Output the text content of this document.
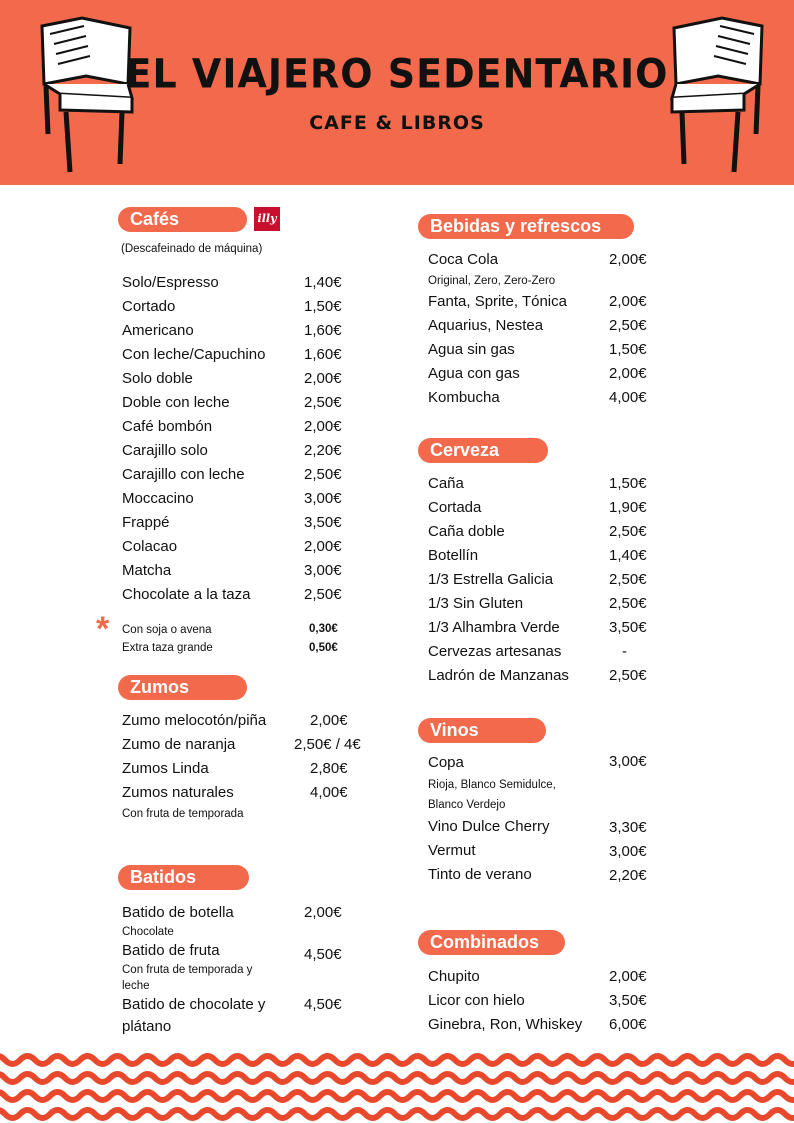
EL VIAJERO SEDENTARIO
CAFE & LIBROS
Cafés	illy
(Descafeinado de máquina)
Solo/Espresso	1,40€
Cortado	1,50€
Americano	1,60€
Con leche/Capuchino	1,60€
Solo doble	2,00€
Doble con leche	2,50€
Café bombón	2,00€
Carajillo solo	2,20€
Carajillo con leche	2,50€
Moccacino	3,00€
Frappé	3,50€
Colacao	2,00€
Matcha	3,00€
Chocolate a la taza	2,50€
* Con soja o avena	0,30€
Extra taza grande	0,50€
Zumos
Zumo melocotón/piña	2,00€
Zumo de naranja	2,50€ / 4€
Zumos Linda	2,80€
Zumos naturales	4,00€
Con fruta de temporada
Batidos
Batido de botella	2,00€
Chocolate
Batido de fruta	4,50€
Con fruta de temporada y
leche
Batido de chocolate y	4,50€
plátano
Bebidas y refrescos
Coca Cola	2,00€
Original, Zero, Zero-Zero
Fanta, Sprite, Tónica	2,00€
Aquarius, Nestea	2,50€
Agua sin gas	1,50€
Agua con gas	2,00€
Kombucha	4,00€
Cerveza
Caña	1,50€
Cortada	1,90€
Caña doble	2,50€
Botellín	1,40€
1/3 Estrella Galicia	2,50€
1/3 Sin Gluten	2,50€
1/3 Alhambra Verde	3,50€
Cervezas artesanas	-
Ladrón de Manzanas	2,50€
Vinos
Copa	3,00€
Rioja, Blanco Semidulce,
Blanco Verdejo
Vino Dulce Cherry	3,30€
Vermut	3,00€
Tinto de verano	2,20€
Combinados
Chupito	2,00€
Licor con hielo	3,50€
Ginebra, Ron, Whiskey 6,00€
